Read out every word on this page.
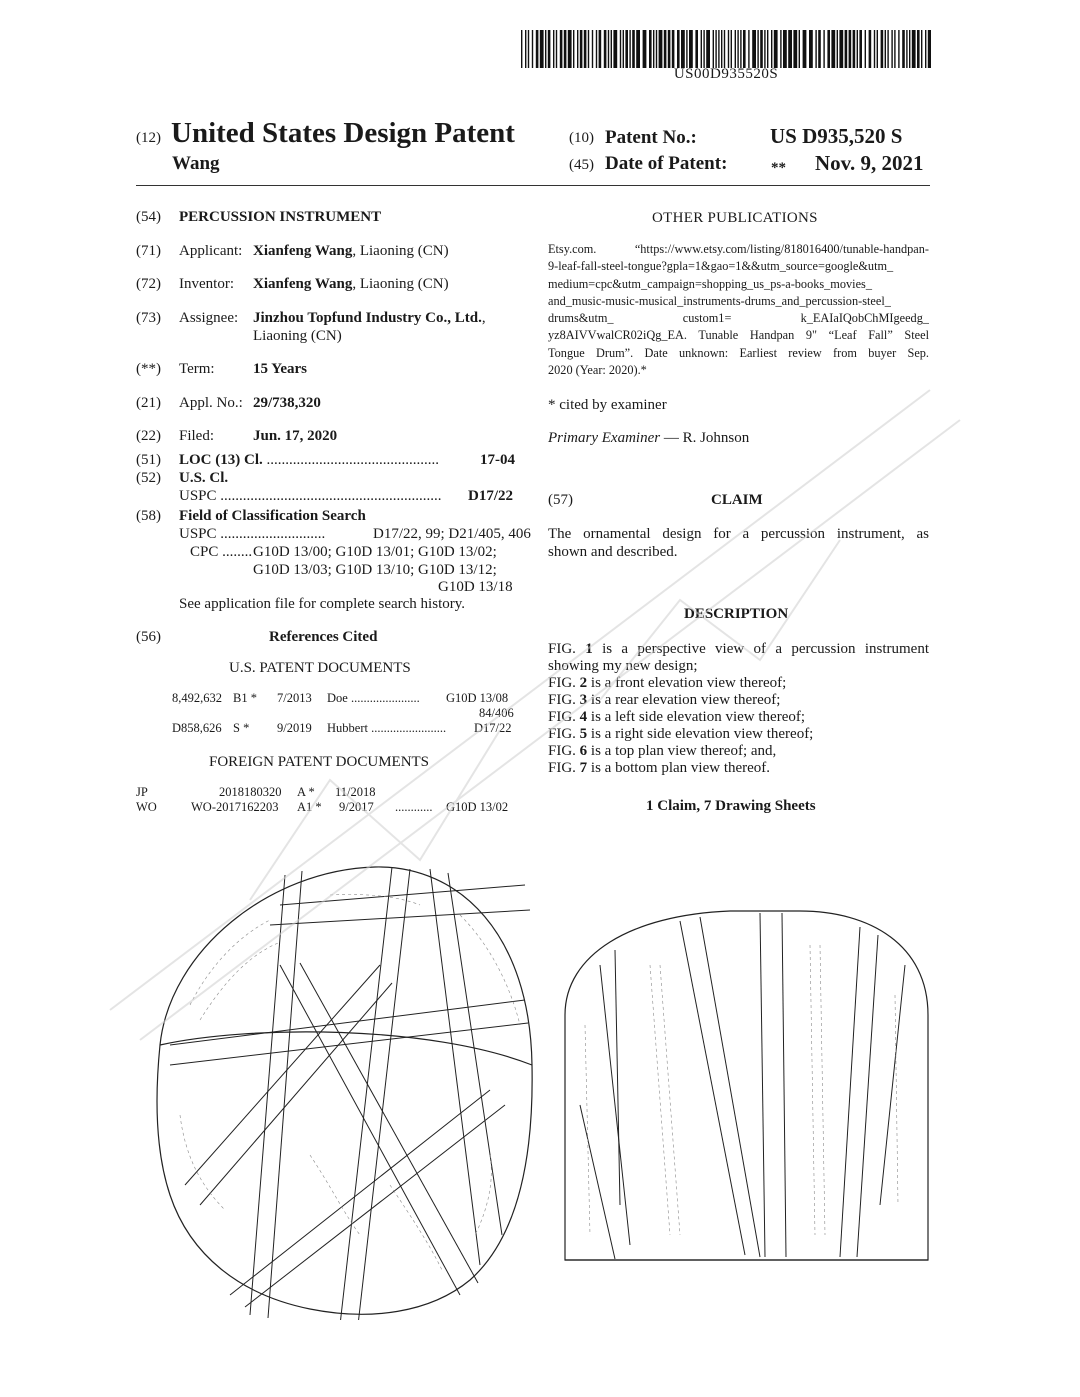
US00D935520S
(12) United States Design Patent
Wang
(10) Patent No.:	US D935,520 S
(45) Date of Patent:	** Nov. 9, 2021
(54) PERCUSSION INSTRUMENT
(71) Applicant: Xianfeng Wang, Liaoning (CN)
(72) Inventor: Xianfeng Wang, Liaoning (CN)
(73) Assignee: Jinzhou Topfund Industry Co., Ltd.,
Liaoning (CN)
(**) Term:	15 Years
(21) Appl. No.: 29/738,320
(22) Filed:	Jun. 17, 2020
(51) LOC (13) Cl. ..............................................	17-04
(52) U.S. Cl.
USPC ........................................................... D17/22
(58) Field of Classification Search
USPC ............................	D17/22, 99; D21/405, 406
CPC ........ G10D 13/00; G10D 13/01; G10D 13/02;
G10D 13/03; G10D 13/10; G10D 13/12;
G10D 13/18
See application file for complete search history.
(56)	References Cited
U.S. PATENT DOCUMENTS
8,492,632 B1 * 7/2013 Doe ...................... G10D 13/08
84/406
D858,626 S * 9/2019 Hubbert ........................ D17/22
FOREIGN PATENT DOCUMENTS
JP	2018180320 A * 11/2018
WO	WO-2017162203 A1 * 9/2017 ............ G10D 13/02
OTHER PUBLICATIONS
Etsy.com. “https://www.etsy.com/listing/818016400/tunable-handpan-
9-leaf-fall-steel-tongue?gpla=1&gao=1&&utm_source=google&utm_
medium=cpc&utm_campaign=shopping_us_ps-a-books_movies_
and_music-music-musical_instruments-drums_and_percussion-steel_
drums&utm_ custom1= k_EAIaIQobChMIgeedg_
yz8AIVVwalCR02iQg_EA. Tunable Handpan 9" “Leaf Fall” Steel
Tongue Drum”. Date unknown: Earliest review from buyer Sep.
2020 (Year: 2020).*
* cited by examiner
Primary Examiner — R. Johnson
(57)	CLAIM
The ornamental design for a percussion instrument, as
shown and described.
DESCRIPTION
FIG. 1 is a perspective view of a percussion instrument
showing my new design;
FIG. 2 is a front elevation view thereof;
FIG. 3 is a rear elevation view thereof;
FIG. 4 is a left side elevation view thereof;
FIG. 5 is a right side elevation view thereof;
FIG. 6 is a top plan view thereof; and,
FIG. 7 is a bottom plan view thereof.
1 Claim, 7 Drawing Sheets
